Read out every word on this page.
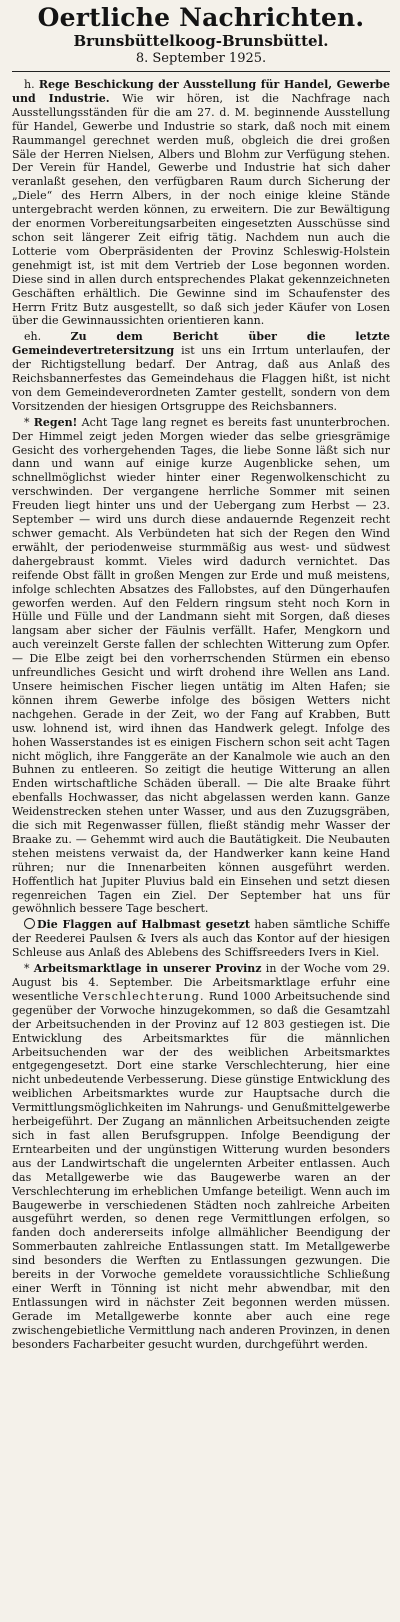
Oertliche Nachrichten.

Brunsbüttelkoog-Brunsbüttel.

8. September 1925.

h. Rege Beschickung der Ausstellung für Handel, Gewerbe und Industrie. Wie wir hören, ist die Nachfrage nach Ausstellungsständen für die am 27. d. M. beginnende Ausstellung für Handel, Gewerbe und Industrie so stark, daß noch mit einem Raummangel gerechnet werden muß, obgleich die drei großen Säle der Herren Nielsen, Albers und Blohm zur Verfügung stehen. Der Verein für Handel, Gewerbe und Industrie hat sich daher veranlaßt gesehen, den verfügbaren Raum durch Sicherung der „Diele“ des Herrn Albers, in der noch einige kleine Stände untergebracht werden können, zu erweitern. Die zur Bewältigung der enormen Vorbereitungsarbeiten eingesetzten Ausschüsse sind schon seit längerer Zeit eifrig tätig. Nachdem nun auch die Lotterie vom Oberpräsidenten der Provinz Schleswig-Holstein genehmigt ist, ist mit dem Vertrieb der Lose begonnen worden. Diese sind in allen durch entsprechendes Plakat gekennzeichneten Geschäften erhältlich. Die Gewinne sind im Schaufenster des Herrn Fritz Butz ausgestellt, so daß sich jeder Käufer von Losen über die Gewinnaussichten orientieren kann.

eh.	Zu dem Bericht über die letzte Gemeindevertretersitzung ist uns ein Irrtum unterlaufen, der der Richtigstellung bedarf. Der Antrag, daß aus Anlaß des Reichsbannerfestes das Gemeindehaus die Flaggen hißt, ist nicht von dem Gemeindeverordneten Zamter gestellt, sondern von dem Vorsitzenden der hiesigen Ortsgruppe des Reichsbanners.

* Regen! Acht Tage lang regnet es bereits fast ununterbrochen. Der Himmel zeigt jeden Morgen wieder das selbe griesgrämige Gesicht des vorhergehenden Tages, die liebe Sonne läßt sich nur dann und wann auf einige kurze Augenblicke sehen, um schnellmöglichst wieder hinter einer Regenwolkenschicht zu verschwinden. Der vergangene herrliche Sommer mit seinen Freuden liegt hinter uns und der Uebergang zum Herbst — 23. September — wird uns durch diese andauernde Regenzeit recht schwer gemacht. Als Verbündeten hat sich der Regen den Wind erwählt, der periodenweise sturmmäßig aus west- und südwest dahergebraust kommt. Vieles wird dadurch vernichtet. Das reifende Obst fällt in großen Mengen zur Erde und muß meistens, infolge schlechten Absatzes des Fallobstes, auf den Düngerhaufen geworfen werden. Auf den Feldern ringsum steht noch Korn in Hülle und Fülle und der Landmann sieht mit Sorgen, daß dieses langsam aber sicher der Fäulnis verfällt. Hafer, Mengkorn und auch vereinzelt Gerste fallen der schlechten Witterung zum Opfer. — Die Elbe zeigt bei den vorherrschenden Stürmen ein ebenso unfreundliches Gesicht und wirft drohend ihre Wellen ans Land. Unsere heimischen Fischer liegen untätig im Alten Hafen; sie können ihrem Gewerbe infolge des bösigen Wetters nicht nachgehen. Gerade in der Zeit, wo der Fang auf Krabben, Butt usw. lohnend ist, wird ihnen das Handwerk gelegt. Infolge des hohen Wasserstandes ist es einigen Fischern schon seit acht Tagen nicht möglich, ihre Fanggeräte an der Kanalmole wie auch an den Buhnen zu entleeren. So zeitigt die heutige Witterung an allen Enden wirtschaftliche Schäden überall. — Die alte Braake führt ebenfalls Hochwasser, das nicht abgelassen werden kann. Ganze Weidenstrecken stehen unter Wasser, und aus den Zuzugsgräben, die sich mit Regenwasser füllen, fließt ständig mehr Wasser der Braake zu. — Gehemmt wird auch die Bautätigkeit. Die Neubauten stehen meistens verwaist da, der Handwerker kann keine Hand rühren; nur die Innenarbeiten können ausgeführt werden. Hoffentlich hat Jupiter Pluvius bald ein Einsehen und setzt diesen regenreichen Tagen ein Ziel. Der September hat uns für gewöhnlich bessere Tage beschert.

Die Flaggen auf Halbmast gesetzt haben sämtliche Schiffe der Reederei Paulsen & Ivers als auch das Kontor auf der hiesigen Schleuse aus Anlaß des Ablebens des Schiffsreeders Ivers in Kiel.

* Arbeitsmarktlage in unserer Provinz in der Woche vom 29. August bis 4. September. Die Arbeitsmarktlage erfuhr eine wesentliche Verschlechterung. Rund 1000 Arbeitsuchende sind gegenüber der Vorwoche hinzugekommen, so daß die Gesamtzahl der Arbeitsuchenden in der Provinz auf 12 803 gestiegen ist. Die Entwicklung des Arbeitsmarktes für die männlichen Arbeitsuchenden war der des weiblichen Arbeitsmarktes entgegengesetzt. Dort eine starke Verschlechterung, hier eine nicht unbedeutende Verbesserung. Diese günstige Entwicklung des weiblichen Arbeitsmarktes wurde zur Hauptsache durch die Vermittlungsmöglichkeiten im Nahrungs- und Genußmittelgewerbe herbeigeführt. Der Zugang an männlichen Arbeitsuchenden zeigte sich in fast allen Berufsgruppen. Infolge Beendigung der Erntearbeiten und der ungünstigen Witterung wurden besonders aus der Landwirtschaft die ungelernten Arbeiter entlassen. Auch das Metallgewerbe wie das Baugewerbe waren an der Verschlechterung im erheblichen Umfange beteiligt. Wenn auch im Baugewerbe in verschiedenen Städten noch zahlreiche Arbeiten ausgeführt werden, so denen rege Vermittlungen erfolgen, so fanden doch andererseits infolge allmählicher Beendigung der Sommerbauten zahlreiche Entlassungen statt. Im Metallgewerbe sind besonders die Werften zu Entlassungen gezwungen. Die bereits in der Vorwoche gemeldete voraussichtliche Schließung einer Werft in Tönning ist nicht mehr abwendbar, mit den Entlassungen wird in nächster Zeit begonnen werden müssen. Gerade im Metallgewerbe konnte aber auch eine rege zwischengebietliche Vermittlung nach anderen Provinzen, in denen besonders Facharbeiter gesucht wurden, durchgeführt werden.
